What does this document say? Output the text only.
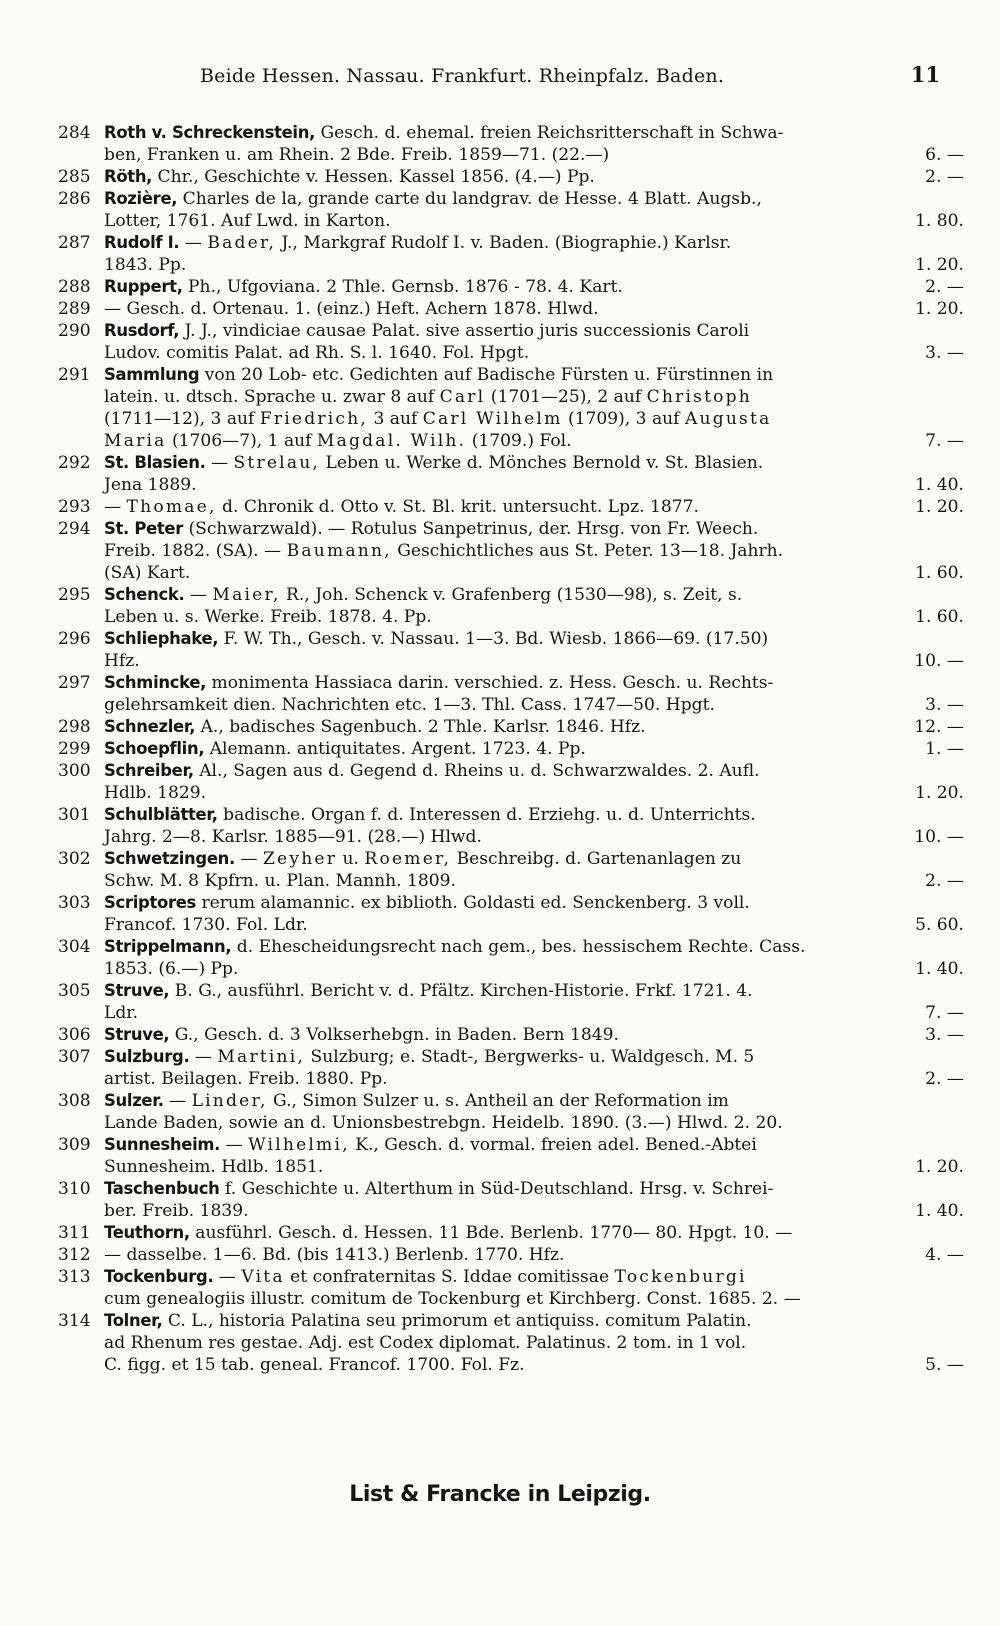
Beide Hessen. Nassau. Frankfurt. Rheinpfalz. Baden.	11
284 Roth v. Schreckenstein, Gesch. d. ehemal. freien Reichsritterschaft in Schwa-
ben, Franken u. am Rhein. 2 Bde. Freib. 1859—71. (22.—)	6. —
285 Röth, Chr., Geschichte v. Hessen. Kassel 1856. (4.—) Pp.	2. —
286 Rozière, Charles de la, grande carte du landgrav. de Hesse. 4 Blatt. Augsb.,
Lotter, 1761. Auf Lwd. in Karton.	1. 80.
287 Rudolf I. — Bader, J., Markgraf Rudolf I. v. Baden. (Biographie.) Karlsr.
1843. Pp.	1. 20.
288 Ruppert, Ph., Ufgoviana. 2 Thle. Gernsb. 1876 - 78. 4. Kart.	2. —
289 — Gesch. d. Ortenau. 1. (einz.) Heft. Achern 1878. Hlwd.	1. 20.
290 Rusdorf, J. J., vindiciae causae Palat. sive assertio juris successionis Caroli
Ludov. comitis Palat. ad Rh. S. l. 1640. Fol. Hpgt.	3. —
291 Sammlung von 20 Lob- etc. Gedichten auf Badische Fürsten u. Fürstinnen in
latein. u. dtsch. Sprache u. zwar 8 auf Carl (1701—25), 2 auf Christoph
(1711—12), 3 auf Friedrich, 3 auf Carl Wilhelm (1709), 3 auf Augusta
Maria (1706—7), 1 auf Magdal. Wilh. (1709.) Fol.	7. —
292 St. Blasien. — Strelau, Leben u. Werke d. Mönches Bernold v. St. Blasien.
Jena 1889.	1. 40.
293 — Thomae, d. Chronik d. Otto v. St. Bl. krit. untersucht. Lpz. 1877.	1. 20.
294 St. Peter (Schwarzwald). — Rotulus Sanpetrinus, der. Hrsg. von Fr. Weech.
Freib. 1882. (SA). — Baumann, Geschichtliches aus St. Peter. 13—18. Jahrh.
(SA) Kart.	1. 60.
295 Schenck. — Maier, R., Joh. Schenck v. Grafenberg (1530—98), s. Zeit, s.
Leben u. s. Werke. Freib. 1878. 4. Pp.	1. 60.
296 Schliephake, F. W. Th., Gesch. v. Nassau. 1—3. Bd. Wiesb. 1866—69. (17.50)
Hfz.	10. —
297 Schmincke, monimenta Hassiaca darin. verschied. z. Hess. Gesch. u. Rechts-
gelehrsamkeit dien. Nachrichten etc. 1—3. Thl. Cass. 1747—50. Hpgt.	3. —
298 Schnezler, A., badisches Sagenbuch. 2 Thle. Karlsr. 1846. Hfz.	12. —
299 Schoepflin, Alemann. antiquitates. Argent. 1723. 4. Pp.	1. —
300 Schreiber, Al., Sagen aus d. Gegend d. Rheins u. d. Schwarzwaldes. 2. Aufl.
Hdlb. 1829.	1. 20.
301 Schulblätter, badische. Organ f. d. Interessen d. Erziehg. u. d. Unterrichts.
Jahrg. 2—8. Karlsr. 1885—91. (28.—) Hlwd.	10. —
302 Schwetzingen. — Zeyher u. Roemer, Beschreibg. d. Gartenanlagen zu
Schw. M. 8 Kpfrn. u. Plan. Mannh. 1809.	2. —
303 Scriptores rerum alamannic. ex biblioth. Goldasti ed. Senckenberg. 3 voll.
Francof. 1730. Fol. Ldr.	5. 60.
304 Strippelmann, d. Ehescheidungsrecht nach gem., bes. hessischem Rechte. Cass.
1853. (6.—) Pp.	1. 40.
305 Struve, B. G., ausführl. Bericht v. d. Pfältz. Kirchen-Historie. Frkf. 1721. 4.
Ldr.	7. —
306 Struve, G., Gesch. d. 3 Volkserhebgn. in Baden. Bern 1849.	3. —
307 Sulzburg. — Martini, Sulzburg; e. Stadt-, Bergwerks- u. Waldgesch. M. 5
artist. Beilagen. Freib. 1880. Pp.	2. —
308 Sulzer. — Linder, G., Simon Sulzer u. s. Antheil an der Reformation im
Lande Baden, sowie an d. Unionsbestrebgn. Heidelb. 1890. (3.—) Hlwd. 2. 20.
309 Sunnesheim. — Wilhelmi, K., Gesch. d. vormal. freien adel. Bened.-Abtei
Sunnesheim. Hdlb. 1851.	1. 20.
310 Taschenbuch f. Geschichte u. Alterthum in Süd-Deutschland. Hrsg. v. Schrei-
ber. Freib. 1839.	1. 40.
311 Teuthorn, ausführl. Gesch. d. Hessen. 11 Bde. Berlenb. 1770— 80. Hpgt. 10. —
312 — dasselbe. 1—6. Bd. (bis 1413.) Berlenb. 1770. Hfz.	4. —
313 Tockenburg. — Vita et confraternitas S. Iddae comitissae Tockenburgi
cum genealogiis illustr. comitum de Tockenburg et Kirchberg. Const. 1685. 2. —
314 Tolner, C. L., historia Palatina seu primorum et antiquiss. comitum Palatin.
ad Rhenum res gestae. Adj. est Codex diplomat. Palatinus. 2 tom. in 1 vol.
C. figg. et 15 tab. geneal. Francof. 1700. Fol. Fz.	5. —
List & Francke in Leipzig.
